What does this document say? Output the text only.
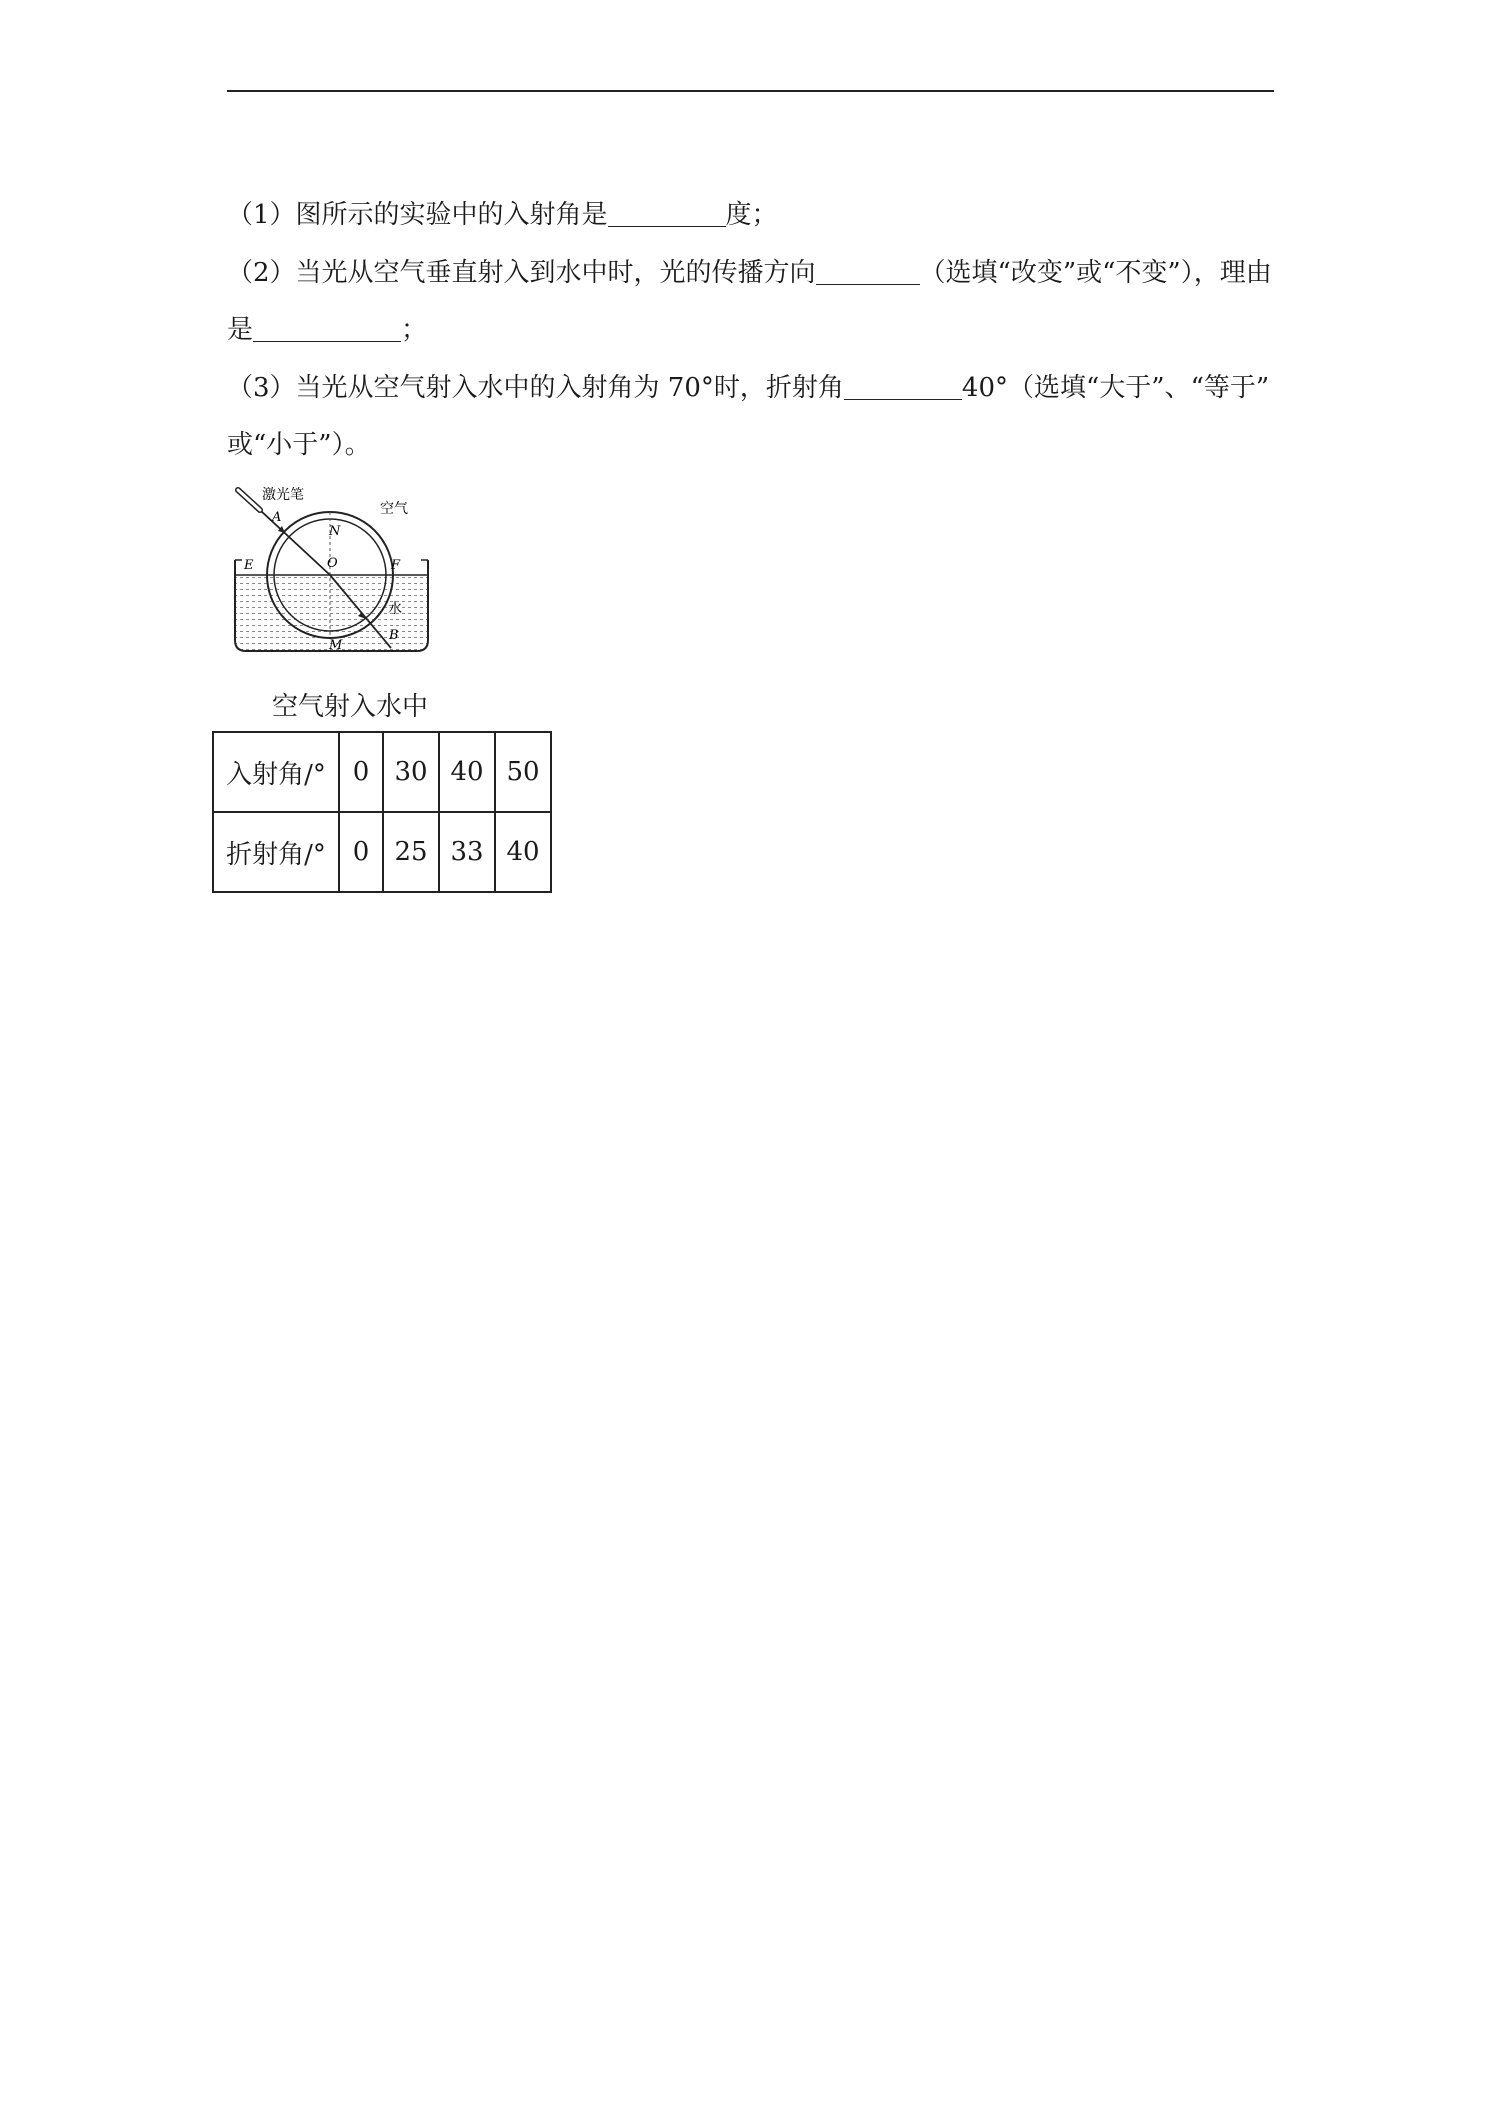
（1）图所示的实验中的入射角是	度；
（2）当光从空气垂直射入到水中时，光的传播方向	（选填“改变”或“不变”），理由
是	；
（3）当光从空气射入水中的入射角为 70°时，折射角	40°（选填“大于”、“等于”
或“小于”）。
激光笔
空气
水
A
B
N
O
E	F
M
空气射入水中
入射角/°	0	30	40	50
折射角/°	0	25	33	40
